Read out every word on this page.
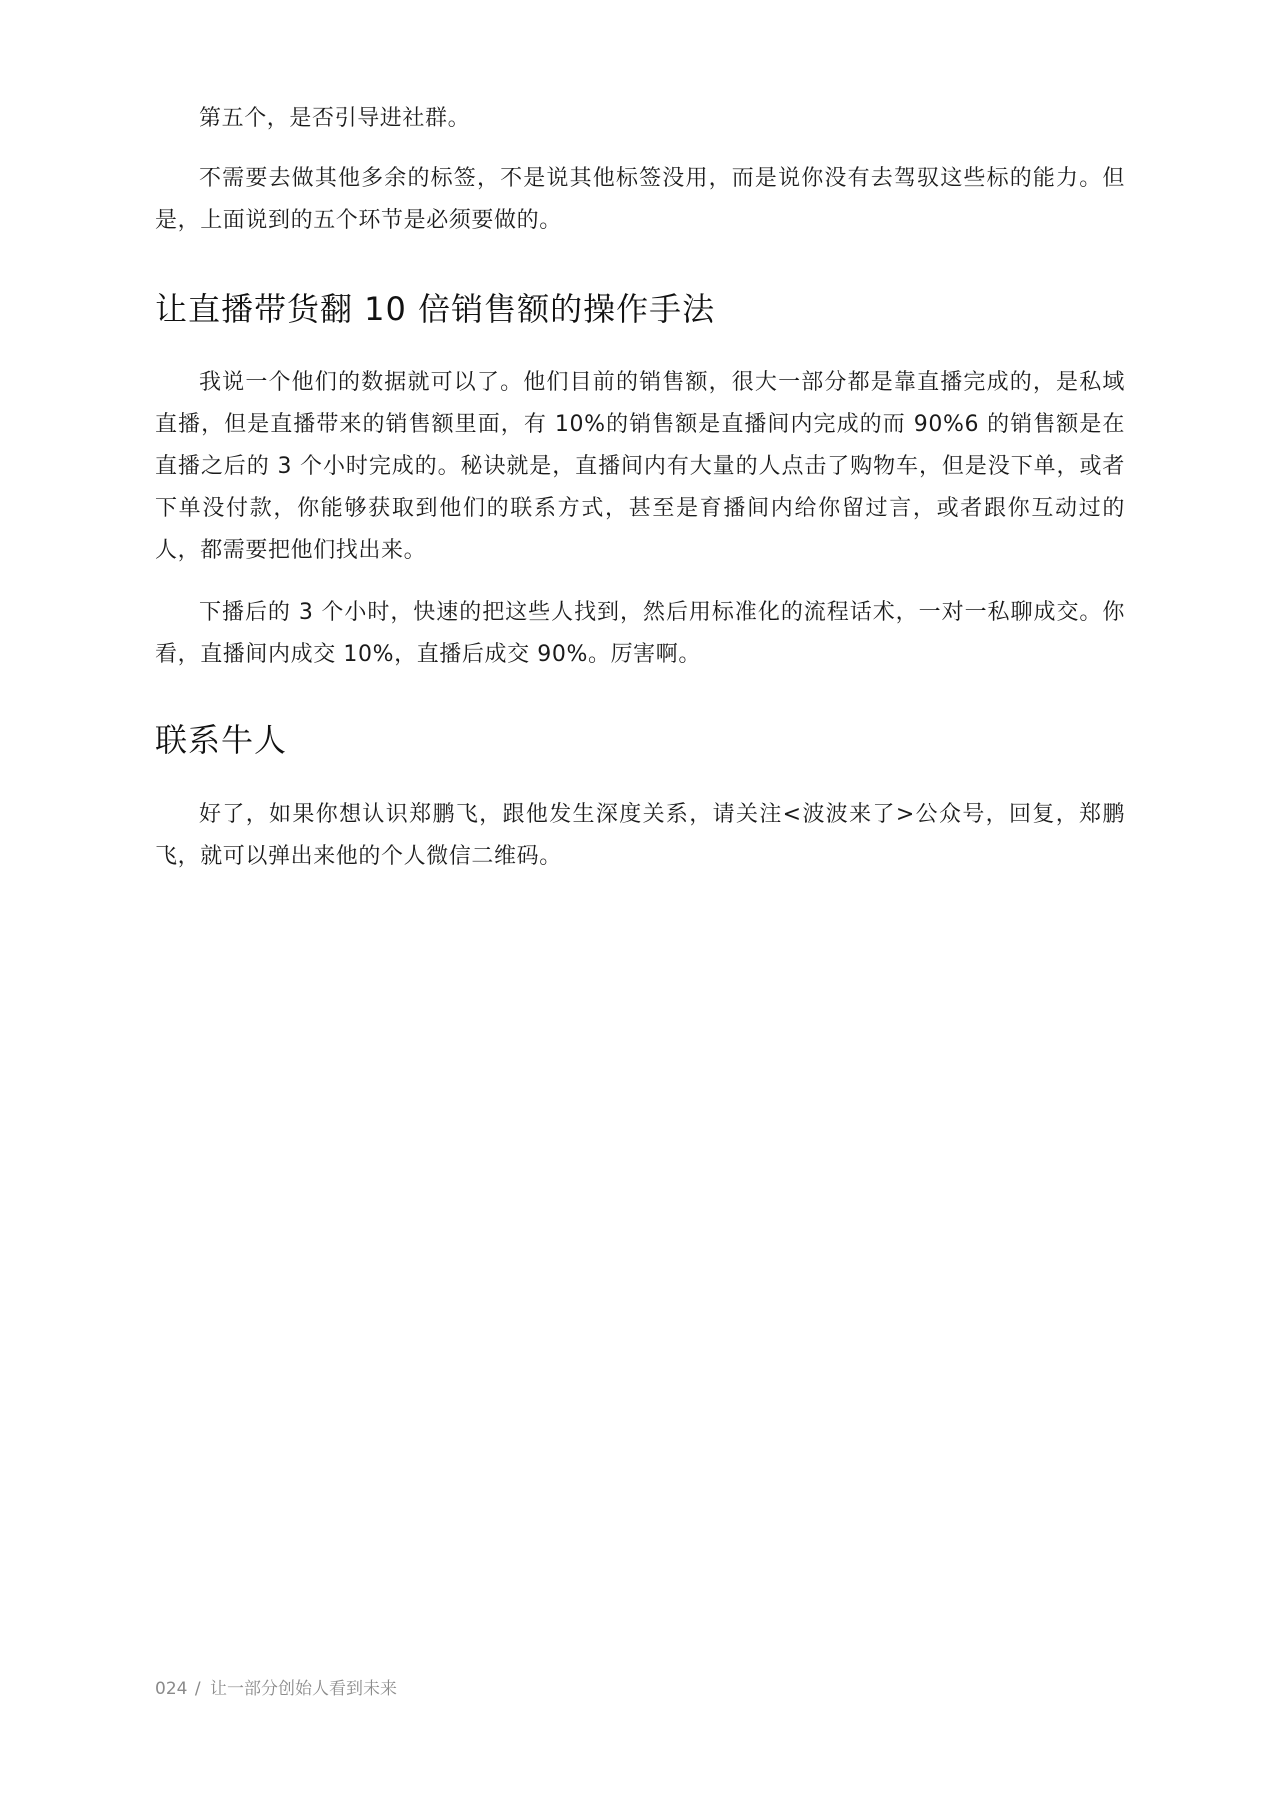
第五个，是否引导进社群。

不需要去做其他多余的标签，不是说其他标签没用，而是说你没有去驾驭这些标的能力。但是，上面说到的五个环节是必须要做的。

让直播带货翻 10 倍销售额的操作手法

我说一个他们的数据就可以了。他们目前的销售额，很大一部分都是靠直播完成的，是私域直播，但是直播带来的销售额里面，有 10%的销售额是直播间内完成的而 90%6 的销售额是在直播之后的 3 个小时完成的。秘诀就是，直播间内有大量的人点击了购物车，但是没下单，或者下单没付款，你能够获取到他们的联系方式，甚至是育播间内给你留过言，或者跟你互动过的人，都需要把他们找出来。

下播后的 3 个小时，快速的把这些人找到，然后用标准化的流程话术，一对一私聊成交。你看，直播间内成交 10%，直播后成交 90%。厉害啊。

联系牛人

好了，如果你想认识郑鹏飞，跟他发生深度关系，请关注<波波来了>公众号，回复，郑鹏飞，就可以弹出来他的个人微信二维码。

024 / 让一部分创始人看到未来
